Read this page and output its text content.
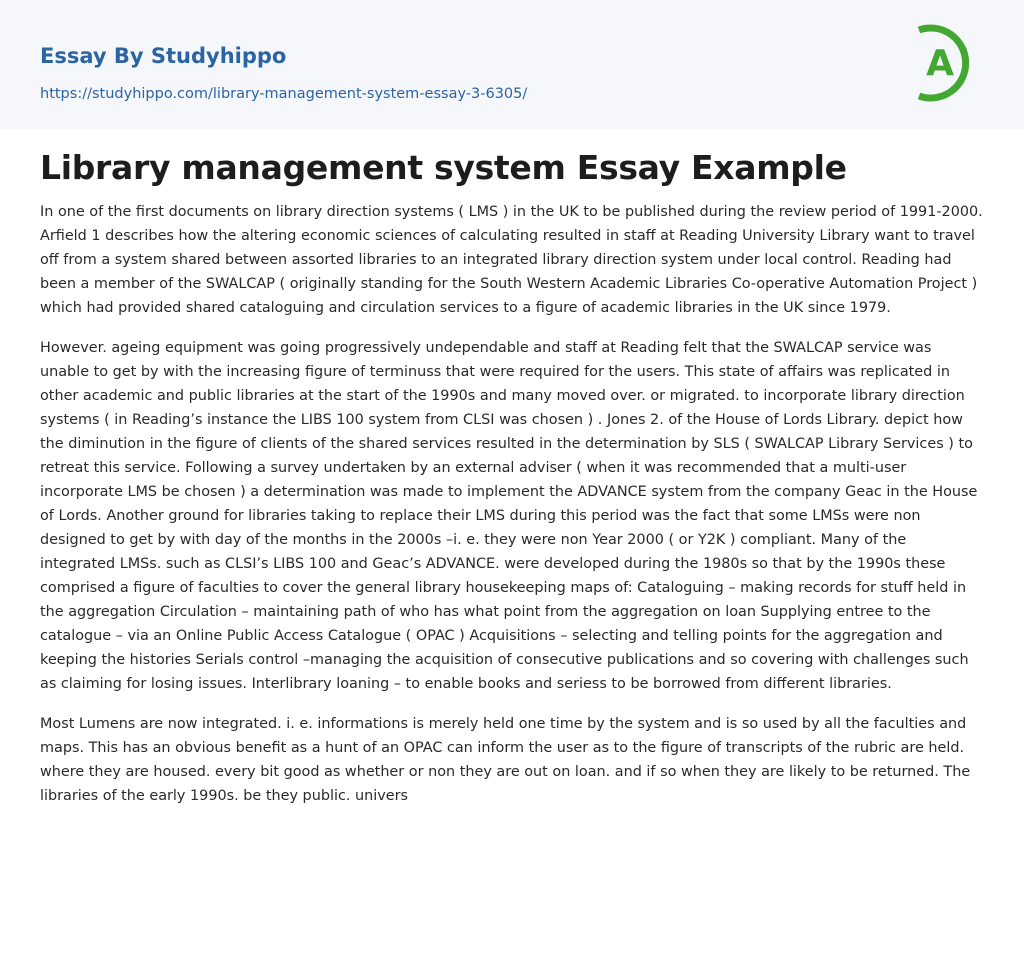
Essay By Studyhippo
https://studyhippo.com/library-management-system-essay-3-6305/
A
Library management system Essay Example

In one of the first documents on library direction systems ( LMS ) in the UK to be published during the review period of 1991-2000. Arfield 1 describes how the altering economic sciences of calculating resulted in staff at Reading University Library want to travel off from a system shared between assorted libraries to an integrated library direction system under local control. Reading had been a member of the SWALCAP ( originally standing for the South Western Academic Libraries Co-operative Automation Project ) which had provided shared cataloguing and circulation services to a figure of academic libraries in the UK since 1979.

However. ageing equipment was going progressively undependable and staff at Reading felt that the SWALCAP service was unable to get by with the increasing figure of terminuss that were required for the users. This state of affairs was replicated in other academic and public libraries at the start of the 1990s and many moved over. or migrated. to incorporate library direction systems ( in Reading’s instance the LIBS 100 system from CLSI was chosen ) . Jones 2. of the House of Lords Library. depict how the diminution in the figure of clients of the shared services resulted in the determination by SLS ( SWALCAP Library Services ) to retreat this service. Following a survey undertaken by an external adviser ( when it was recommended that a multi-user incorporate LMS be chosen ) a determination was made to implement the ADVANCE system from the company Geac in the House of Lords. Another ground for libraries taking to replace their LMS during this period was the fact that some LMSs were non designed to get by with day of the months in the 2000s –i. e. they were non Year 2000 ( or Y2K ) compliant. Many of the integrated LMSs. such as CLSI’s LIBS 100 and Geac’s ADVANCE. were developed during the 1980s so that by the 1990s these comprised a figure of faculties to cover the general library housekeeping maps of: Cataloguing – making records for stuff held in the aggregation Circulation – maintaining path of who has what point from the aggregation on loan Supplying entree to the catalogue – via an Online Public Access Catalogue ( OPAC ) Acquisitions – selecting and telling points for the aggregation and keeping the histories Serials control –managing the acquisition of consecutive publications and so covering with challenges such as claiming for losing issues. Interlibrary loaning – to enable books and seriess to be borrowed from different libraries.

Most Lumens are now integrated. i. e. informations is merely held one time by the system and is so used by all the faculties and maps. This has an obvious benefit as a hunt of an OPAC can inform the user as to the figure of transcripts of the rubric are held. where they are housed. every bit good as whether or non they are out on loan. and if so when they are likely to be returned. The libraries of the early 1990s. be they public. univers
